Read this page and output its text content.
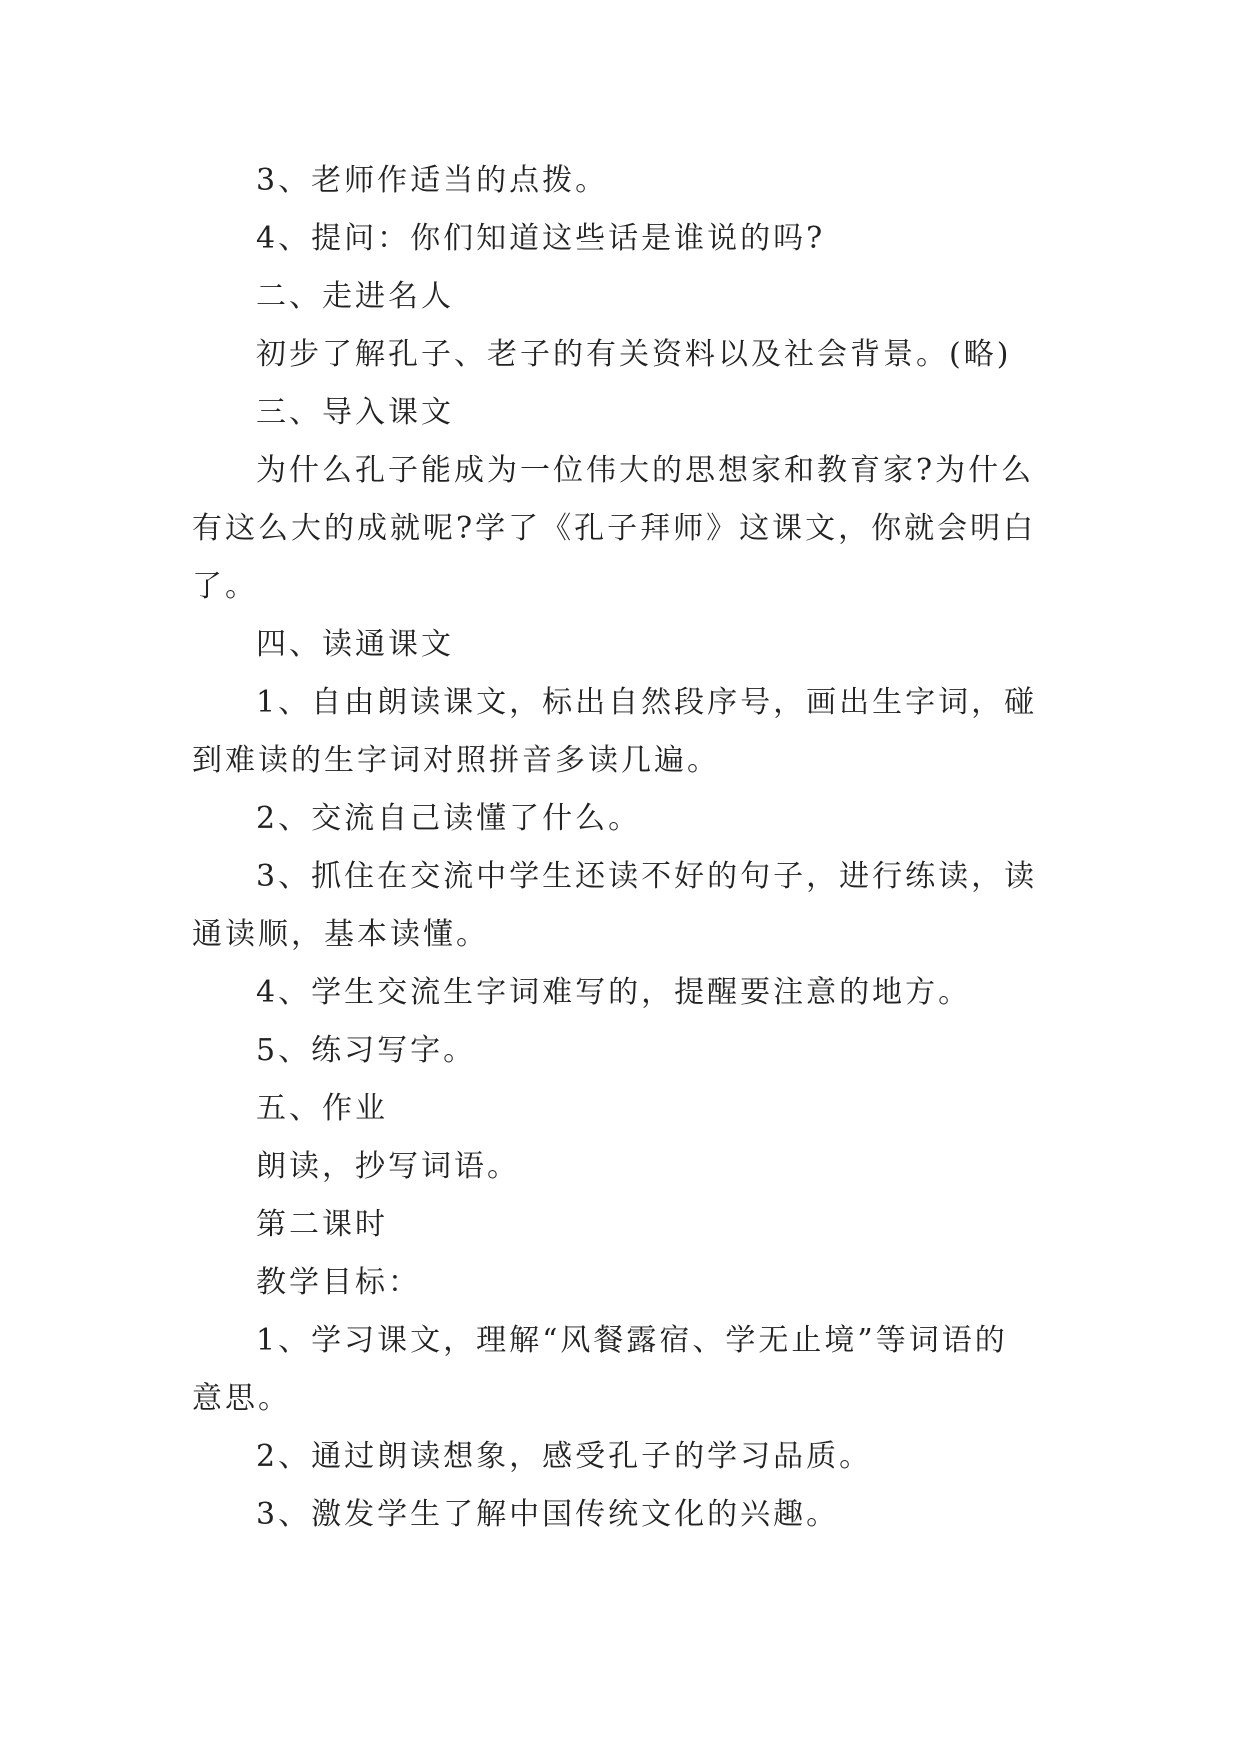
3、老师作适当的点拨。
4、提问：你们知道这些话是谁说的吗?
二、走进名人
初步了解孔子、老子的有关资料以及社会背景。(略)
三、导入课文
为什么孔子能成为一位伟大的思想家和教育家?为什么
有这么大的成就呢?学了《孔子拜师》这课文，你就会明白
了。
四、读通课文
1、自由朗读课文，标出自然段序号，画出生字词，碰
到难读的生字词对照拼音多读几遍。
2、交流自己读懂了什么。
3、抓住在交流中学生还读不好的句子，进行练读，读
通读顺，基本读懂。
4、学生交流生字词难写的，提醒要注意的地方。
5、练习写字。
五、作业
朗读，抄写词语。
第二课时
教学目标：
1、学习课文，理解“风餐露宿、学无止境”等词语的
意思。
2、通过朗读想象，感受孔子的学习品质。
3、激发学生了解中国传统文化的兴趣。
